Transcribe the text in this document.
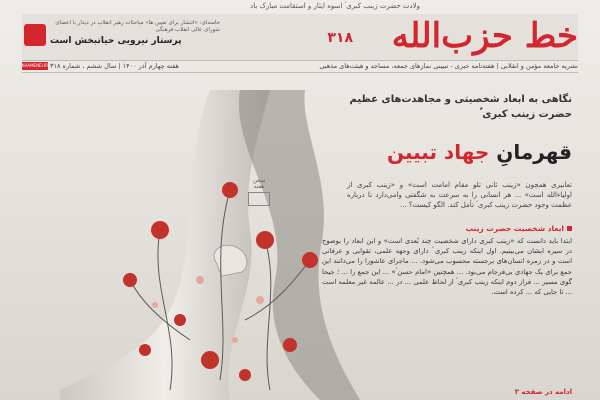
ولادت حضرت زینب کبری ؑ اسوه ایثار و استقامت مبارک باد
خط حزب‌الله
۳۱۸
خامنه‌ای: «انتشار برای تعیین ها» مباحثات رهبر انقلاب در دیدار با اعضای شورای عالی انقلاب فرهنگی
پرستار نیرویی حیاتبخش است
نشریه جامعه مؤمن و انقلابی | هفته‌نامه خبری - تبیینی نمازهای جمعه، مساجد و هیئت‌های مذهبی
هفته چهارم آذر ۱۴۰۰ | سال ششم ، شماره ۳۱۸
KHAMENEI.IR
نگاهی به ابعاد شخصیتی و مجاهدت‌های عظیم حضرت زینب کبری ؑ
قهرمانِ جهاد تبیین
سخن هفته	تعابیری همچون «زینب ثانی‌ تلو مقام امامت است» و «زینب کبری از اولیاءالله است» ... هر انسانی را به سرعت به شگفتی وامی‌دارد تا درباره عظمت وجود حضرت زینب کبری ؑ تأمل کند. الگو کیست؟ ...
ابعاد شخصیت حضرت زینب
ابتدا باید دانست که «زینب کبری دارای شخصیت چند بُعدی است» و این ابعاد را بوضوح در سیره ایشان می‌بینیم. اول اینکه زینب کبری ؑ دارای وجهه علمی، تقوایی و عرفانی است و در زمره انسان‌های برجسته محسوب می‌شود. ... ماجرای عاشورا را می‌دانند این جمع برای یک جهادی بی‌فرجام می‌بود. ... همچنین «امام حسن ؑ» ... این جمع را ... ؛ جیحا گوی مسیر ... فراز دوم اینکه زینب کبری ؑ از لحاظ علمی ... در ... عالمه غیر معلمه است ... تا جایی که ... ‌کرده است.
ادامه در صفحه ۳
